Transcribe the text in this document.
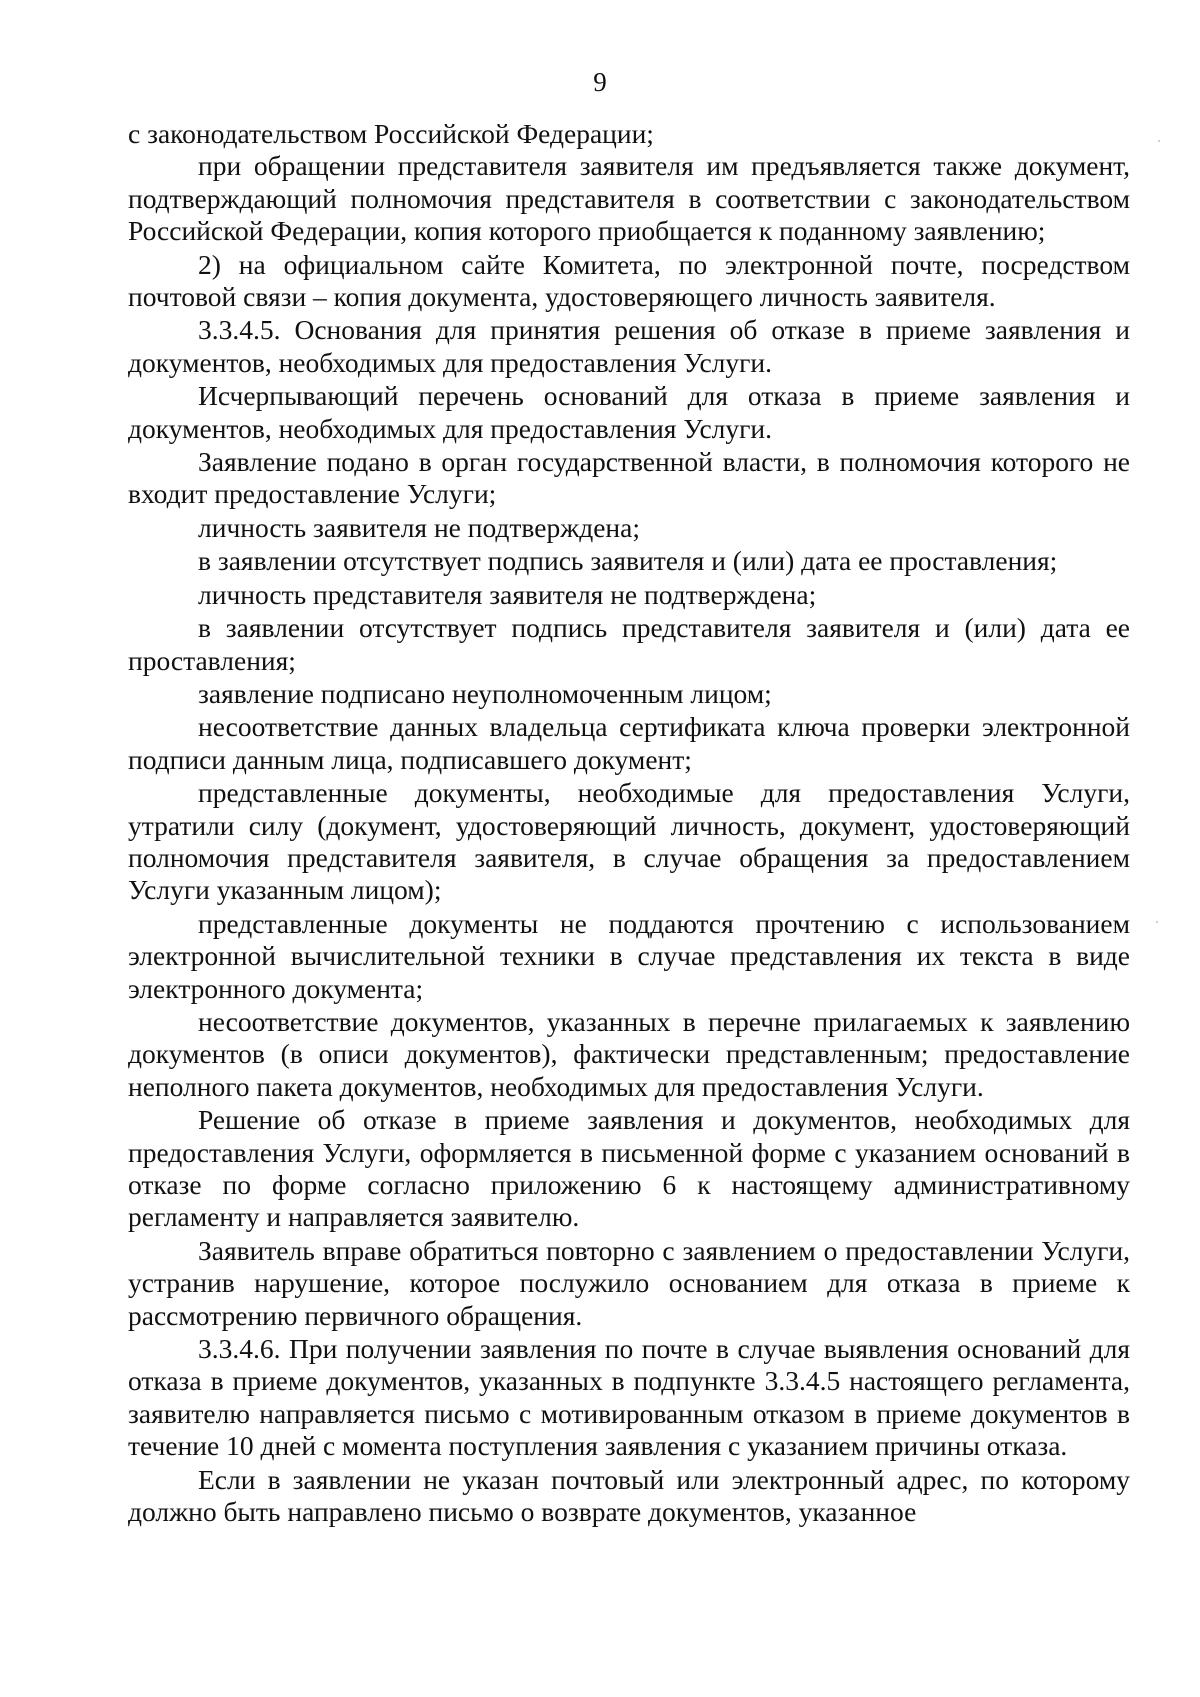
9

с законодательством Российской Федерации;

при обращении представителя заявителя им предъявляется также документ, подтверждающий полномочия представителя в соответствии с законодательством Российской Федерации, копия которого приобщается к поданному заявлению;

2) на официальном сайте Комитета, по электронной почте, посредством почтовой связи – копия документа, удостоверяющего личность заявителя.

3.3.4.5. Основания для принятия решения об отказе в приеме заявления и документов, необходимых для предоставления Услуги.

Исчерпывающий перечень оснований для отказа в приеме заявления и документов, необходимых для предоставления Услуги.

Заявление подано в орган государственной власти, в полномочия которого не входит предоставление Услуги;

личность заявителя не подтверждена;

в заявлении отсутствует подпись заявителя и (или) дата ее проставления;

личность представителя заявителя не подтверждена;

в заявлении отсутствует подпись представителя заявителя и (или) дата ее проставления;

заявление подписано неуполномоченным лицом;

несоответствие данных владельца сертификата ключа проверки электронной подписи данным лица, подписавшего документ;

представленные документы, необходимые для предоставления Услуги, утратили силу (документ, удостоверяющий личность, документ, удостоверяющий полномочия представителя заявителя, в случае обращения за предоставлением Услуги указанным лицом);

представленные документы не поддаются прочтению с использованием электронной вычислительной техники в случае представления их текста в виде электронного документа;

несоответствие документов, указанных в перечне прилагаемых к заявлению документов (в описи документов), фактически представленным; предоставление неполного пакета документов, необходимых для предоставления Услуги.

Решение об отказе в приеме заявления и документов, необходимых для предоставления Услуги, оформляется в письменной форме с указанием оснований в отказе по форме согласно приложению 6 к настоящему административному регламенту и направляется заявителю.

Заявитель вправе обратиться повторно с заявлением о предоставлении Услуги, устранив нарушение, которое послужило основанием для отказа в приеме к рассмотрению первичного обращения.

3.3.4.6. При получении заявления по почте в случае выявления оснований для отказа в приеме документов, указанных в подпункте 3.3.4.5 настоящего регламента, заявителю направляется письмо с мотивированным отказом в приеме документов в течение 10 дней с момента поступления заявления с указанием причины отказа.

Если в заявлении не указан почтовый или электронный адрес, по которому должно быть направлено письмо о возврате документов, указанное
